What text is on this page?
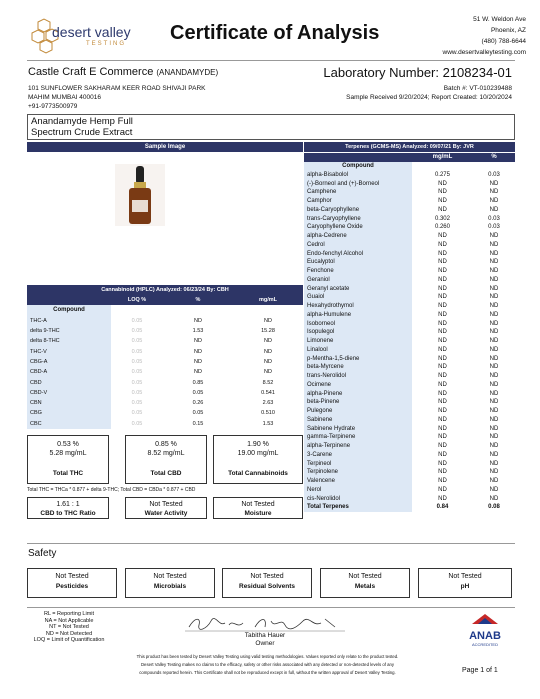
desert valley
TESTING Certificate of Analysis
51 W. Weldon Ave
Phoenix, AZ
(480) 788-6644
www.desertvalleytesting.com
Castle Craft E Commerce (ANANDAMYDE)	Laboratory Number: 2108234-01
101 SUNFLOWER SAKHARAM KEER ROAD SHIVAJI PARK
MAHIM MUMBAI 400016
+91-9773500979
Batch #: VT-010239488
Sample Received 9/20/2024; Report Created: 10/20/2024
Anandamyde Hemp Full
Spectrum Crude Extract
Sample Image	Terpenes (GCMS-MS) Analyzed: 09/07/21 By: JVR
	mg/mL	%
Compound		
alpha-Bisabolol	0.275	0.03
(-)-Borneol and (+)-Borneol	ND	ND
Camphene	ND	ND
Camphor	ND	ND
beta-Caryophyllene	ND	ND
trans-Caryophyllene	0.302	0.03
Caryophyllene Oxide	0.260	0.03
alpha-Cedrene	ND	ND
Cedrol	ND	ND
Endo-fenchyl Alcohol	ND	ND
Eucalyptol	ND	ND
Fenchone	ND	ND
Geraniol	ND	ND
Geranyl acetate	ND	ND
Guaiol	ND	ND
Hexahydrothymol	ND	ND
alpha-Humulene	ND	ND
Isoborneol	ND	ND
Isopulegol	ND	ND
Limonene	ND	ND
Linalool	ND	ND
p-Mentha-1,5-diene	ND	ND
beta-Myrcene	ND	ND
trans-Nerolidol	ND	ND
Ocimene	ND	ND
alpha-Pinene	ND	ND
beta-Pinene	ND	ND
Pulegone	ND	ND
Sabinene	ND	ND
Sabinene Hydrate	ND	ND
gamma-Terpinene	ND	ND
alpha-Terpinene	ND	ND
3-Carene	ND	ND
Terpineol	ND	ND
Terpinolene	ND	ND
Valencene	ND	ND
Nerol	ND	ND
cis-Nerolidol	ND	ND
Total Terpenes	0.84	0.08
Cannabinoid (HPLC) Analyzed: 06/23/24 By: CBH
	LOQ %	%	mg/mL
Compound			
THC-A	0.05	ND	ND
delta 9-THC	0.05	1.53	15.28
delta 8-THC	0.05	ND	ND
THC-V	0.05	ND	ND
CBG-A	0.05	ND	ND
CBD-A	0.05	ND	ND
CBD	0.05	0.85	8.52
CBD-V	0.05	0.05	0.541
CBN	0.05	0.26	2.63
CBG	0.05	0.05	0.510
CBC	0.05	0.15	1.53
0.53 %
5.28 mg/mL
Total THC
0.85 %
8.52 mg/mL
Total CBD
1.90 %
19.00 mg/mL
Total Cannabinoids
Total THC = THCa * 0.877 + delta 9-THC; Total CBD = CBDa * 0.877 + CBD
1.61 : 1
CBD to THC Ratio
Not Tested
Water Activity
Not Tested
Moisture
Safety
Not Tested
Pesticides
Not Tested
Microbials
Not Tested
Residual Solvents
Not Tested
Metals
Not Tested
pH
RL = Reporting Limit
NA = Not Applicable
NT = Not Tested
ND = Not Detected
LOQ = Limit of Quantification
Tabitha Hauer
Owner
ANAB
ACCREDITED
This product has been tested by Desert Valley Testing using valid testing methodologies. Values reported only relate to the product tested.
Desert Valley Testing makes no claims to the efficacy, safety or other risks associated with any detected or non-detected levels of any
compounds reported herein. This Certificate shall not be reproduced except in full, without the written approval of Desert Valley Testing.	Page 1 of 1
